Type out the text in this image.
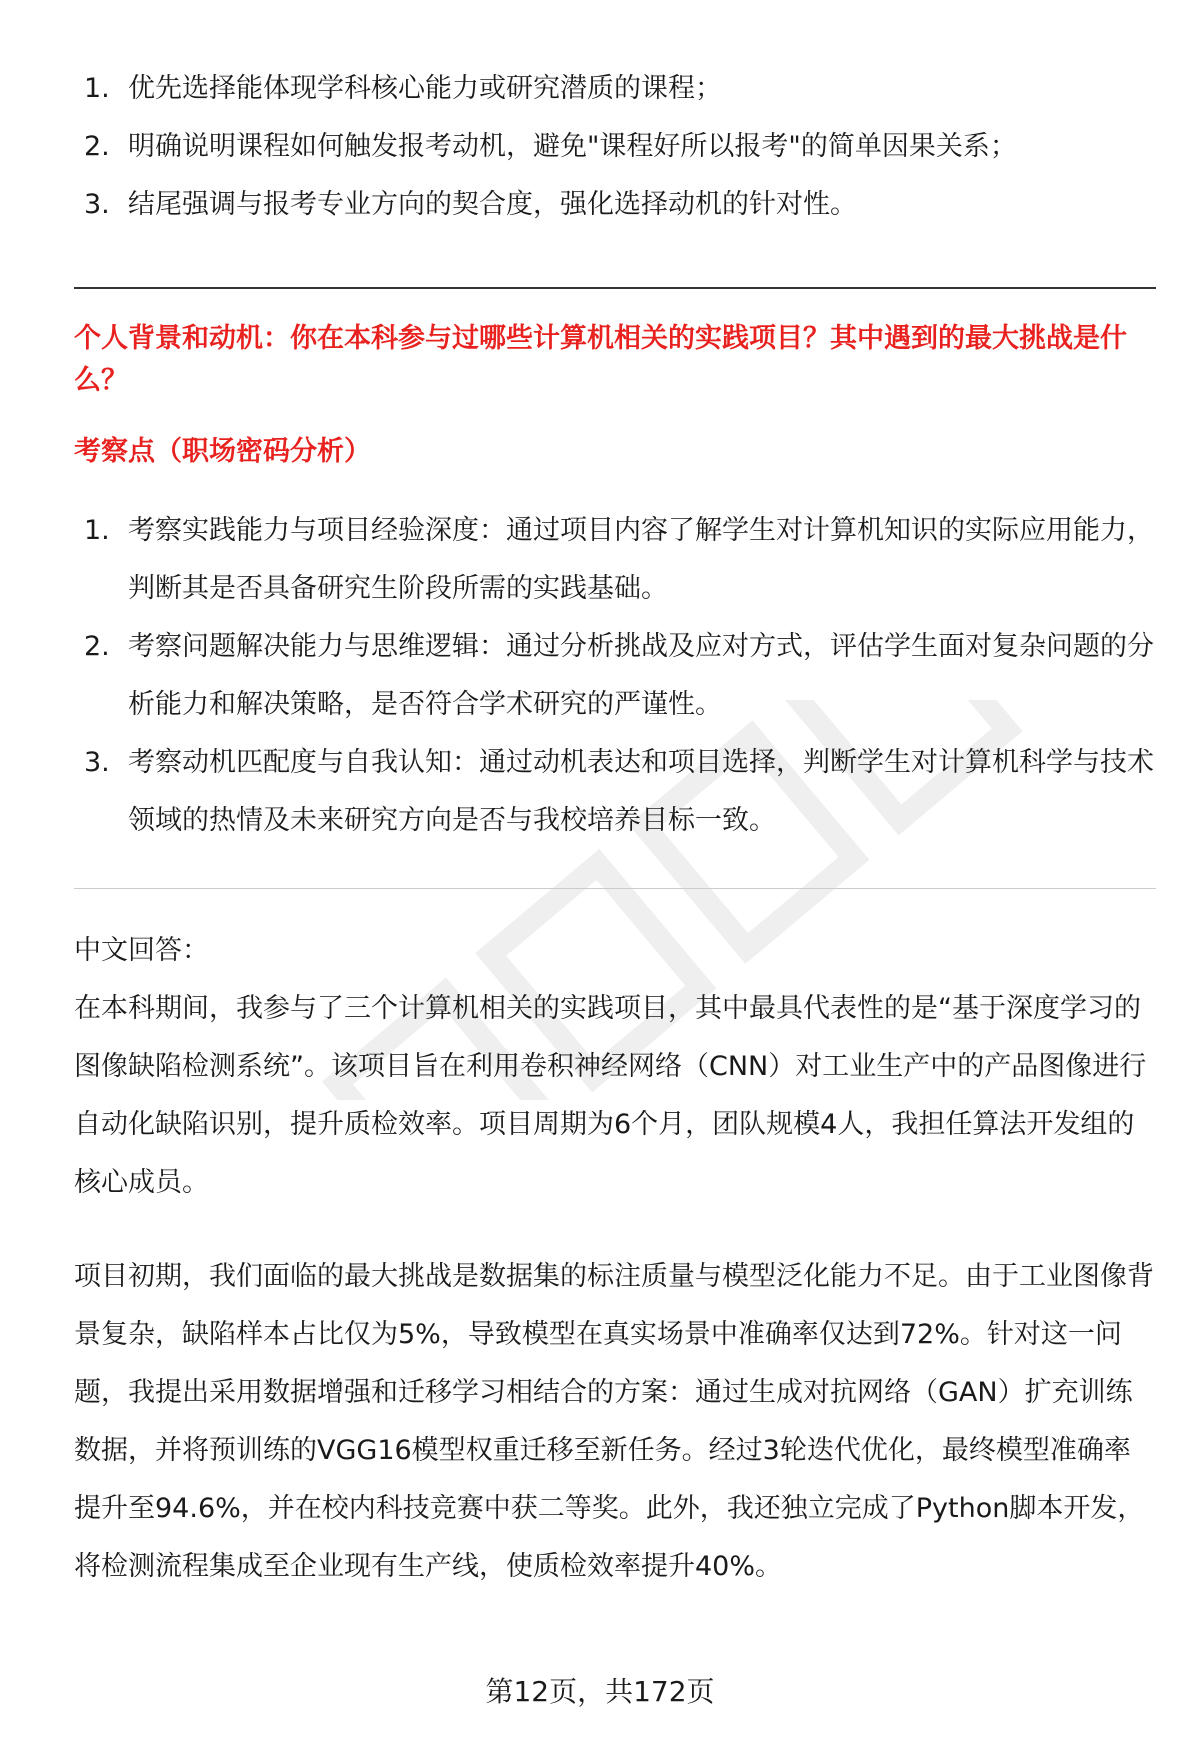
1. 优先选择能体现学科核心能力或研究潜质的课程；
2. 明确说明课程如何触发报考动机，避免"课程好所以报考"的简单因果关系；
3. 结尾强调与报考专业方向的契合度，强化选择动机的针对性。
个人背景和动机：你在本科参与过哪些计算机相关的实践项目？其中遇到的最大挑战是什么？
考察点（职场密码分析）
1. 考察实践能力与项目经验深度：通过项目内容了解学生对计算机知识的实际应用能力，判断其是否具备研究生阶段所需的实践基础。
2. 考察问题解决能力与思维逻辑：通过分析挑战及应对方式，评估学生面对复杂问题的分析能力和解决策略，是否符合学术研究的严谨性。
3. 考察动机匹配度与自我认知：通过动机表达和项目选择，判断学生对计算机科学与技术领域的热情及未来研究方向是否与我校培养目标一致。
中文回答：

在本科期间，我参与了三个计算机相关的实践项目，其中最具代表性的是“基于深度学习的图像缺陷检测系统”。该项目旨在利用卷积神经网络（CNN）对工业生产中的产品图像进行自动化缺陷识别，提升质检效率。项目周期为6个月，团队规模4人，我担任算法开发组的核心成员。

项目初期，我们面临的最大挑战是数据集的标注质量与模型泛化能力不足。由于工业图像背景复杂，缺陷样本占比仅为5%，导致模型在真实场景中准确率仅达到72%。针对这一问题，我提出采用数据增强和迁移学习相结合的方案：通过生成对抗网络（GAN）扩充训练数据，并将预训练的VGG16模型权重迁移至新任务。经过3轮迭代优化，最终模型准确率提升至94.6%，并在校内科技竞赛中获二等奖。此外，我还独立完成了Python脚本开发，将检测流程集成至企业现有生产线，使质检效率提升40%。

第12页，共172页
